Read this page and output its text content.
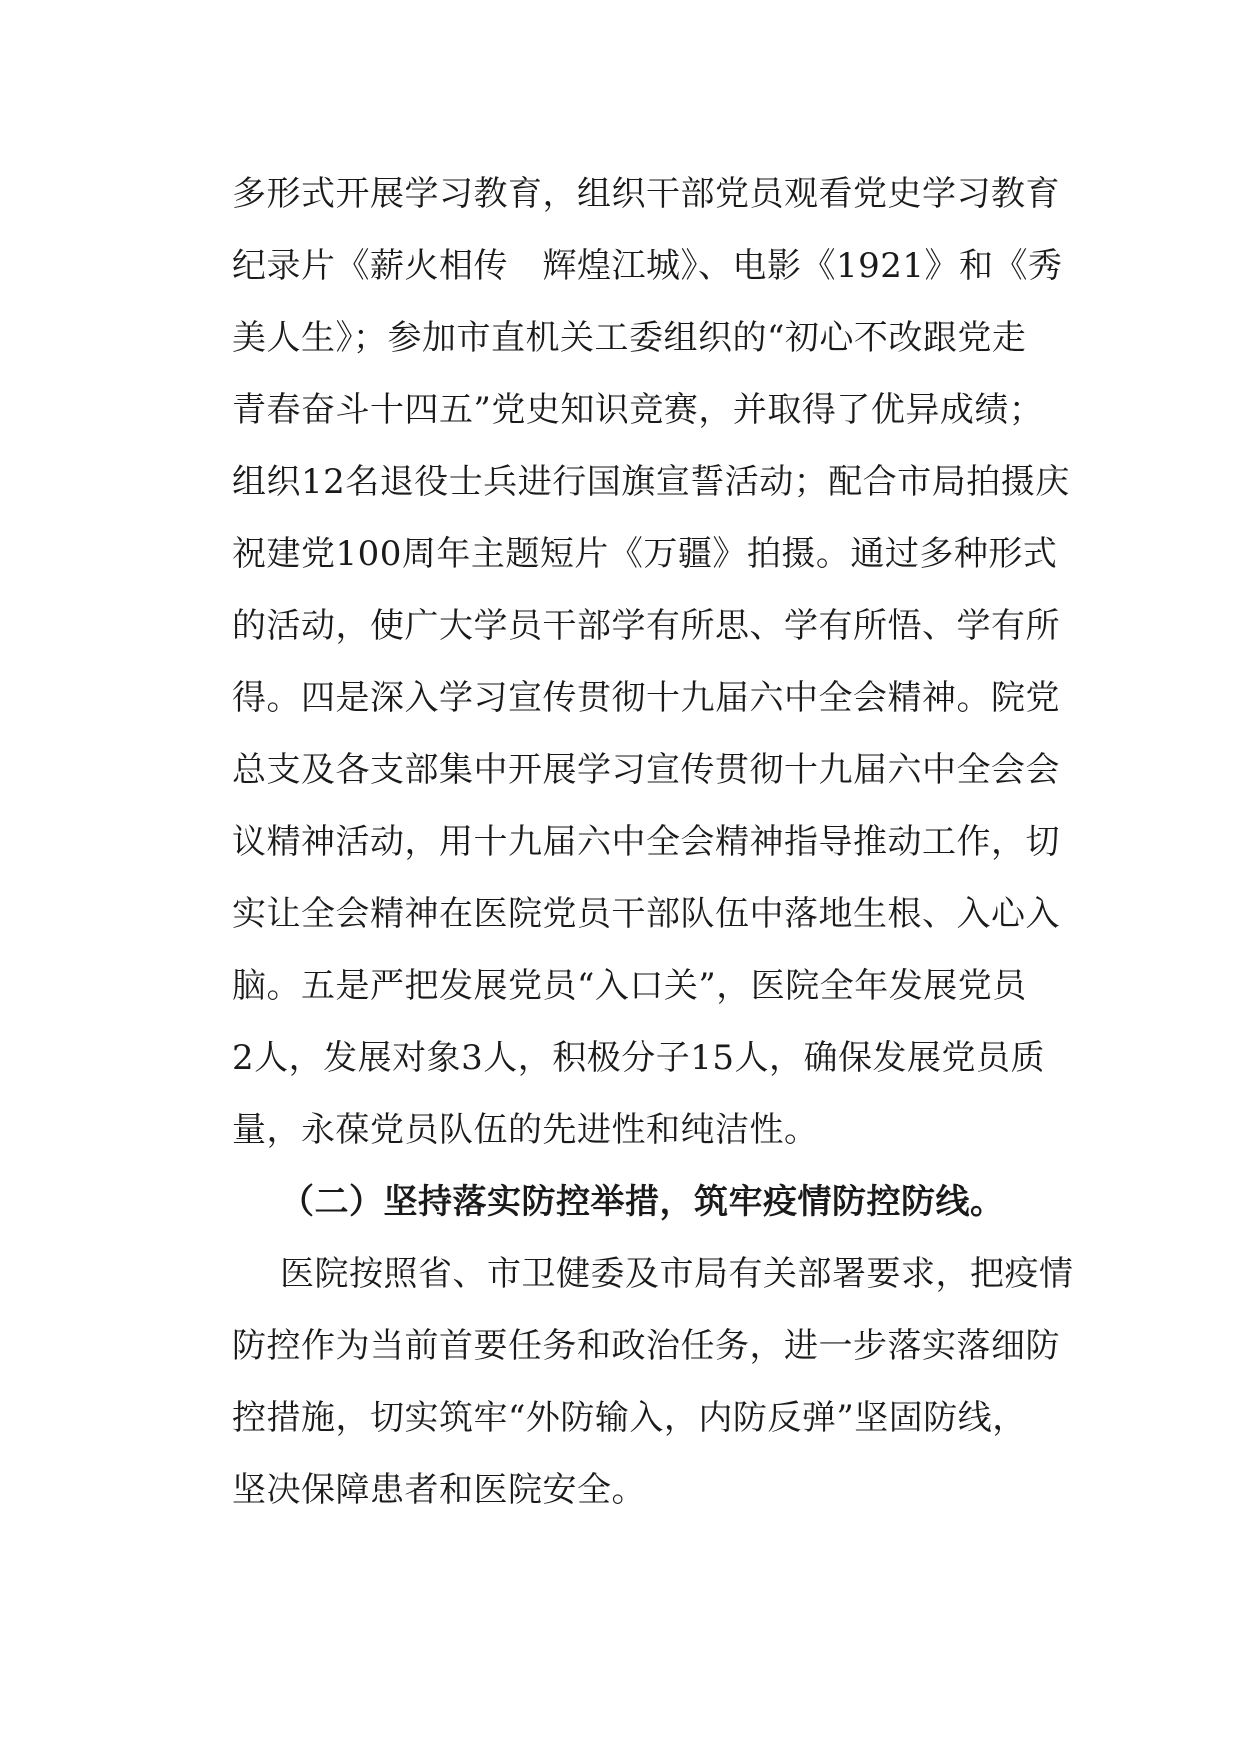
多形式开展学习教育，组织干部党员观看党史学习教育
纪录片《薪火相传　辉煌江城》、电影《1921》和《秀
美人生》；参加市直机关工委组织的“初心不改跟党走
青春奋斗十四五”党史知识竞赛，并取得了优异成绩；
组织12名退役士兵进行国旗宣誓活动；配合市局拍摄庆
祝建党100周年主题短片《万疆》拍摄。通过多种形式
的活动，使广大学员干部学有所思、学有所悟、学有所
得。四是深入学习宣传贯彻十九届六中全会精神。院党
总支及各支部集中开展学习宣传贯彻十九届六中全会会
议精神活动，用十九届六中全会精神指导推动工作，切
实让全会精神在医院党员干部队伍中落地生根、入心入
脑。五是严把发展党员“入口关”，医院全年发展党员
2人，发展对象3人，积极分子15人，确保发展党员质
量，永葆党员队伍的先进性和纯洁性。
（二）坚持落实防控举措，筑牢疫情防控防线。
医院按照省、市卫健委及市局有关部署要求，把疫情
防控作为当前首要任务和政治任务，进一步落实落细防
控措施，切实筑牢“外防输入，内防反弹”坚固防线，
坚决保障患者和医院安全。
